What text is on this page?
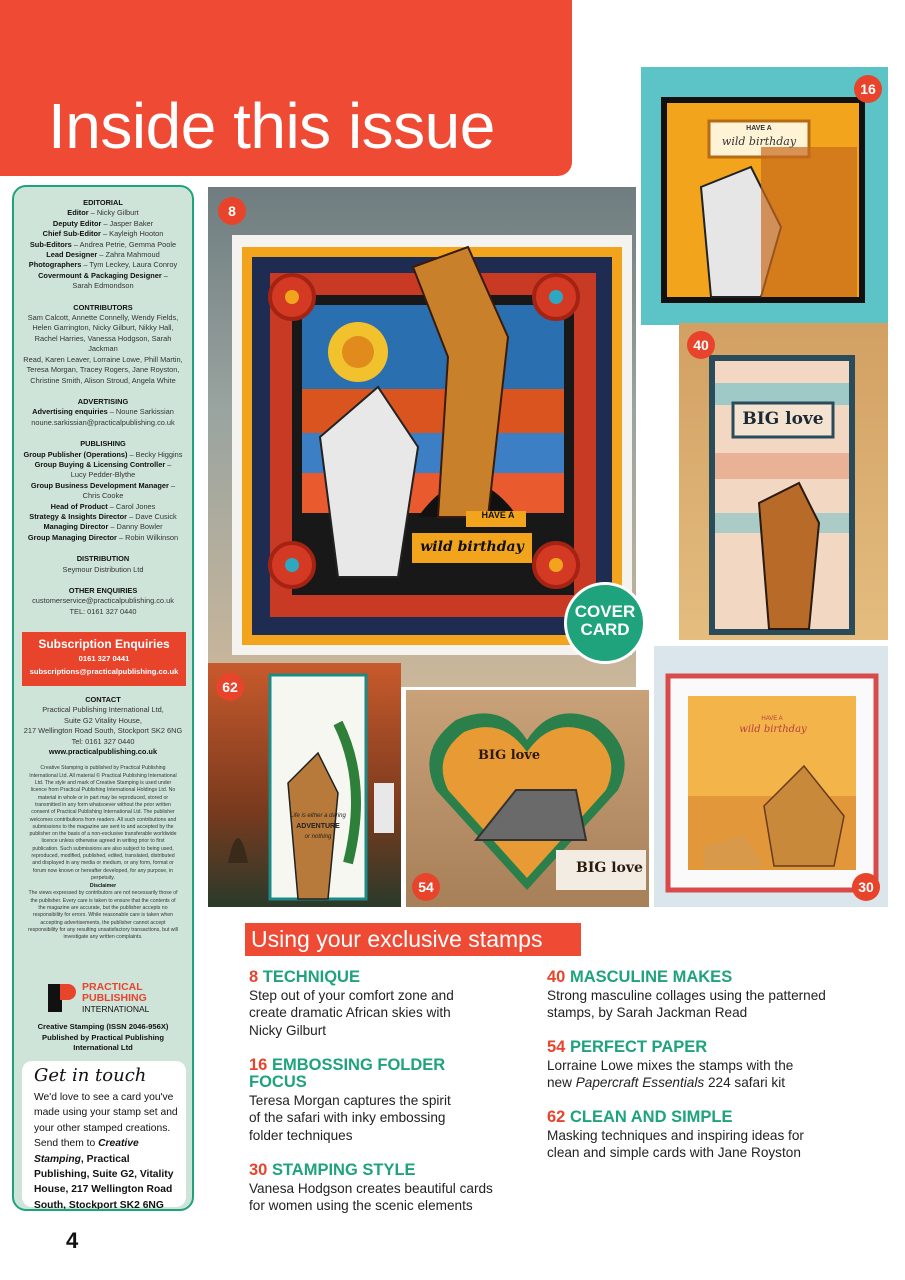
Inside this issue
EDITORIAL
Editor – Nicky Gilburt
Deputy Editor – Jasper Baker
Chief Sub-Editor – Kayleigh Hooton
Sub-Editors – Andrea Petrie, Gemma Poole
Lead Designer – Zahra Mahmoud
Photographers – Tym Leckey, Laura Conroy
Covermount & Packaging Designer –
Sarah Edmondson
CONTRIBUTORS
Sam Calcott, Annette Connelly, Wendy Fields,
Helen Garrington, Nicky Gilburt, Nikky Hall,
Rachel Harries, Vanessa Hodgson, Sarah Jackman
Read, Karen Leaver, Lorraine Lowe, Phill Martin,
Teresa Morgan, Tracey Rogers, Jane Royston,
Christine Smith, Alison Stroud, Angela White
ADVERTISING
Advertising enquiries – Noune Sarkissian
noune.sarkissian@practicalpublishing.co.uk
PUBLISHING
Group Publisher (Operations) – Becky Higgins
Group Buying & Licensing Controller –
Lucy Pedder-Blythe
Group Business Development Manager –
Chris Cooke
Head of Product – Carol Jones
Strategy & Insights Director – Dave Cusick
Managing Director – Danny Bowler
Group Managing Director – Robin Wilkinson
DISTRIBUTION
Seymour Distribution Ltd
OTHER ENQUIRIES
customerservice@practicalpublishing.co.uk
TEL: 0161 327 0440
Subscription Enquiries
0161 327 0441
subscriptions@practicalpublishing.co.uk
CONTACT
Practical Publishing International Ltd,
Suite G2 Vitality House,
217 Wellington Road South, Stockport SK2 6NG
Tel: 0161 327 0440
www.practicalpublishing.co.uk
Creative Stamping is published by Practical Publishing International Ltd. All material © Practical Publishing International Ltd. The style and mark of Creative Stamping is used under licence from Practical Publishing International Holdings Ltd. No material in whole or in part may be reproduced, stored or transmitted in any form whatsoever without the prior written consent of Practical Publishing International Ltd. The publisher welcomes contributions from readers. All such contributions and submissions to the magazine are sent to and accepted by the publisher on the basis of a non-exclusive transferable worldwide licence unless otherwise agreed in writing prior to first publication. Such submissions are also subject to being used, reproduced, modified, published, edited, translated, distributed and displayed in any media or medium, or any form, format or forum now known or hereafter developed, for any purpose, in perpetuity.
Disclaimer
The views expressed by contributors are not necessarily those of the publisher. Every care is taken to ensure that the contents of the magazine are accurate, but the publisher accepts no responsibility for errors. While reasonable care is taken when accepting advertisements, the publisher cannot accept responsibility for any resulting unsatisfactory transactions, but will investigate any written complaints.
PRACTICAL
PUBLISHING
INTERNATIONAL
Creative Stamping (ISSN 2046-956X)
Published by Practical Publishing
International Ltd
Get in touch
We'd love to see a card you've made using your stamp set and your other stamped creations. Send them to Creative Stamping, Practical Publishing, Suite G2, Vitality House, 217 Wellington Road South, Stockport SK2 6NG
HAVE A
wild birthday
8
HAVE A
wild birthday
16
BIG love
40
Life is either a daring
ADVENTURE
or nothing
62
BIG love
BIG love
54
HAVE A
wild birthday
30
COVER
CARD
Using your exclusive stamps
8 TECHNIQUE
Step out of your comfort zone and create dramatic African skies with Nicky Gilburt
16 EMBOSSING FOLDER FOCUS
Teresa Morgan captures the spirit of the safari with inky embossing folder techniques
30 STAMPING STYLE
Vanesa Hodgson creates beautiful cards for women using the scenic elements
40 MASCULINE MAKES
Strong masculine collages using the patterned stamps, by Sarah Jackman Read
54 PERFECT PAPER
Lorraine Lowe mixes the stamps with the new Papercraft Essentials 224 safari kit
62 CLEAN AND SIMPLE
Masking techniques and inspiring ideas for clean and simple cards with Jane Royston
4
